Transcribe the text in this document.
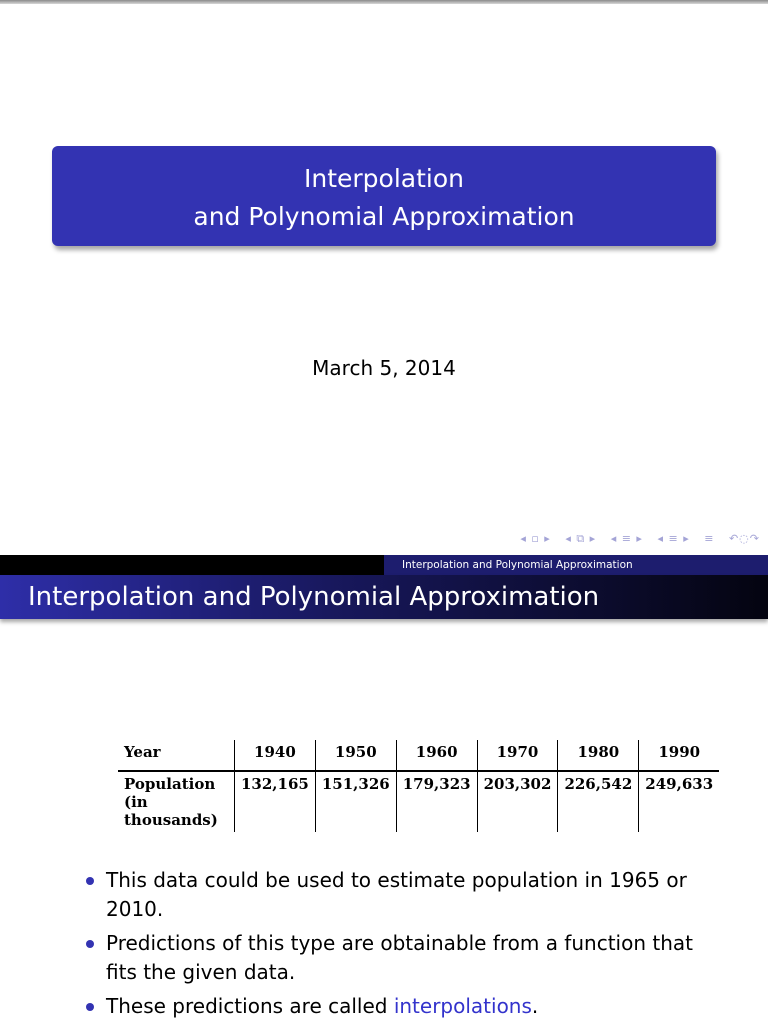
Interpolation
and Polynomial Approximation
March 5, 2014
◂ ▫ ▸ ◂ ⧉ ▸ ◂ ≡ ▸ ◂ ≡ ▸ ≡ ↶◌↷
Interpolation and Polynomial Approximation
Interpolation and Polynomial Approximation
Year	1940	1950	1960	1970	1980	1990

Population
(in thousands)	132,165	151,326	179,323	203,302	226,542	249,633
This data could be used to estimate population in 1965 or 2010.
Predictions of this type are obtainable from a function that fits the given data.
These predictions are called interpolations.
